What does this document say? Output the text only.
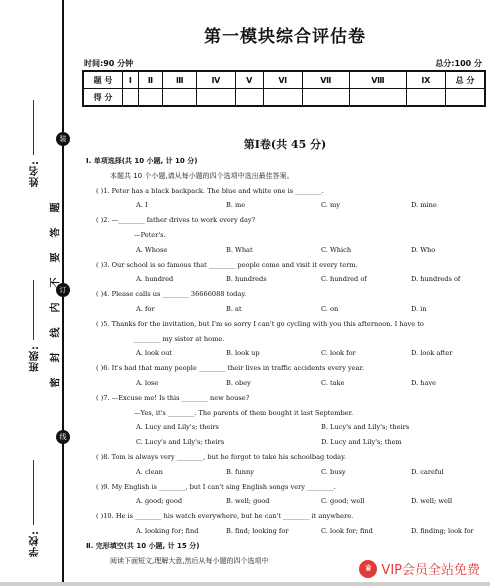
装
订
线
姓名:
班级:
学校:
题
答
要
不
内
线
封
密
第一模块综合评估卷
时间:90 分钟	总分:100 分
题 号	Ⅰ	Ⅱ	Ⅲ	Ⅳ	Ⅴ	Ⅵ	Ⅶ	Ⅷ	Ⅸ	总 分
得 分										
第Ⅰ卷(共 45 分)
Ⅰ. 单项选择(共 10 小题, 计 10 分)
本题共 10 个小题,请从每小题的四个选项中选出最佳答案。
( )1. Peter has a black backpack. The blue and white one is ________.
A. I	B. me	C. my	D. mine
( )2. —________ father drives to work every day?
—Peter's.
A. Whose	B. What	C. Which	D. Who
( )3. Our school is so famous that ________ people come and visit it every term.
A. hundred	B. hundreds	C. hundred of	D. hundreds of
( )4. Please calls us ________ 36666088 today.
A. for	B. at	C. on	D. in
( )5. Thanks for the invitation, but I'm so sorry I can't go cycling with you this afternoon. I have to
________ my sister at home.
A. look out	B. look up	C. look for	D. look after
( )6. It's bad that many people ________ their lives in traffic accidents every year.
A. lose	B. obey	C. take	D. have
( )7. —Excuse me! Is this ________ new house?
—Yes, it's ________. The parents of them bought it last September.
A. Lucy and Lily's; theirs	B. Lucy's and Lily's; theirs
C. Lucy's and Lily's; theirs	D. Lucy and Lily's; them
( )8. Tom is always very ________, but he forgot to take his schoolbag today.
A. clean	B. funny	C. busy	D. careful
( )9. My English is ________, but I can't sing English songs very ________.
A. good; good	B. well; good	C. good; well	D. well; well
( )10. He is ________ his watch everywhere, but he can't ________ it anywhere.
A. looking for; find	B. find; looking for	C. look for; find	D. finding; look for
Ⅱ. 完形填空(共 10 小题, 计 15 分)
阅读下面短文,理解大意,然后从每小题的四个选项中
♛ VIP会员全站免费
